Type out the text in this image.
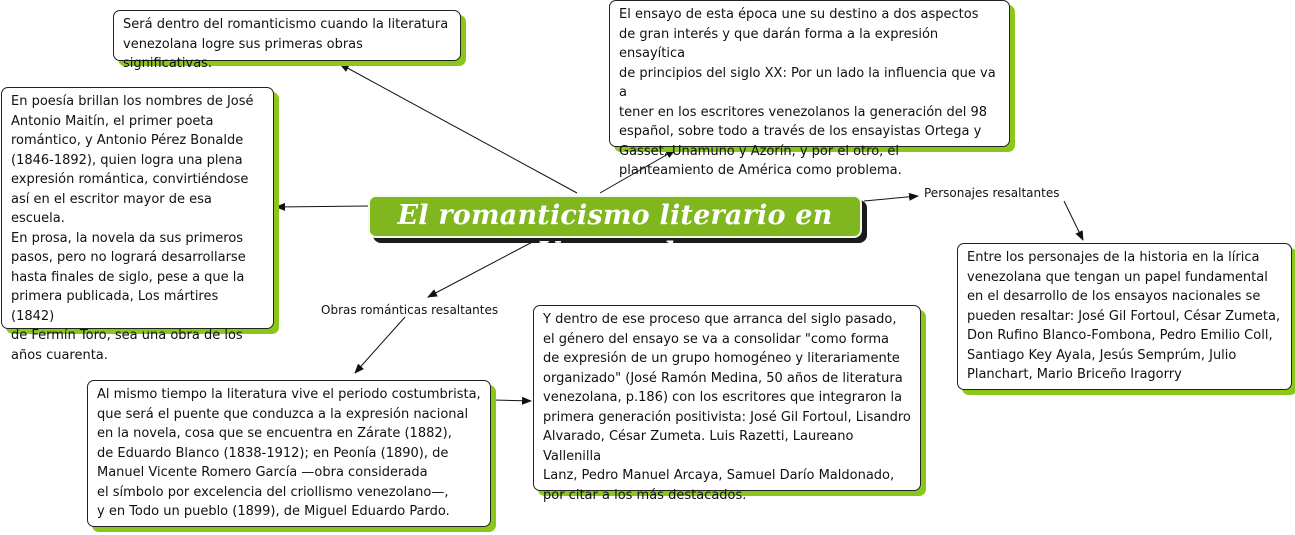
Será dentro del romanticismo cuando la literatura
venezolana logre sus primeras obras significativas.
El ensayo de esta época une su destino a dos aspectos
de gran interés y que darán forma a la expresión ensayítica
de principios del siglo XX: Por un lado la influencia que va a
tener en los escritores venezolanos la generación del 98
español, sobre todo a través de los ensayistas Ortega y
Gasset, Unamuno y Azorín, y por el otro, el
planteamiento de América como problema.
En poesía brillan los nombres de José
Antonio Maitín, el primer poeta
romántico, y Antonio Pérez Bonalde
(1846-1892), quien logra una plena
expresión romántica, convirtiéndose
así en el escritor mayor de esa escuela.
En prosa, la novela da sus primeros
pasos, pero no logrará desarrollarse
hasta finales de siglo, pese a que la
primera publicada, Los mártires (1842)
de Fermín Toro, sea una obra de los
años cuarenta.
El romanticismo literario en Venezuela
Personajes resaltantes
Obras románticas resaltantes
Entre los personajes de la historia en la lírica
venezolana que tengan un papel fundamental
en el desarrollo de los ensayos nacionales se
pueden resaltar: José Gil Fortoul, César Zumeta,
Don Rufino Blanco-Fombona, Pedro Emilio Coll,
Santiago Key Ayala, Jesús Semprúm, Julio
Planchart, Mario Briceño Iragorry
Al mismo tiempo la literatura vive el periodo costumbrista,
que será el puente que conduzca a la expresión nacional
en la novela, cosa que se encuentra en Zárate (1882),
de Eduardo Blanco (1838-1912); en Peonía (1890), de
Manuel Vicente Romero García —obra considerada
el símbolo por excelencia del criollismo venezolano—,
y en Todo un pueblo (1899), de Miguel Eduardo Pardo.
Y dentro de ese proceso que arranca del siglo pasado,
el género del ensayo se va a consolidar "como forma
de expresión de un grupo homogéneo y literariamente
organizado" (José Ramón Medina, 50 años de literatura
venezolana, p.186) con los escritores que integraron la
primera generación positivista: José Gil Fortoul, Lisandro
Alvarado, César Zumeta. Luis Razetti, Laureano Vallenilla
Lanz, Pedro Manuel Arcaya, Samuel Darío Maldonado,
por citar a los más destacados.
